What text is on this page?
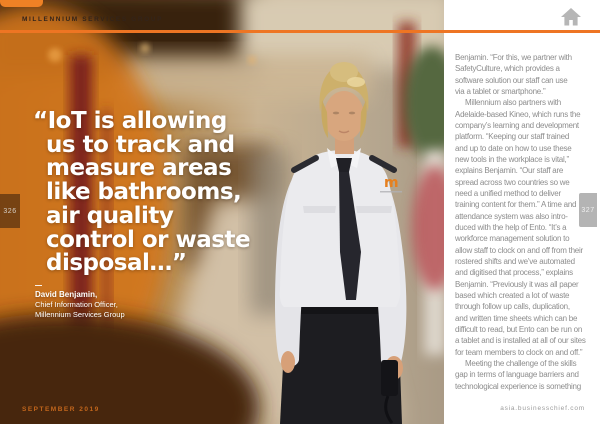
m
MILLENNIUM SERVICES GROUP
“IoT is allowing
us to track and
measure areas
like bathrooms,
air quality
control or waste
disposal…”
David Benjamin,
Chief Information Officer,
Millennium Services Group
326	327
Benjamin. “For this, we partner with
SafetyCulture, which provides a
software solution our staff can use
via a tablet or smartphone.”
Millennium also partners with
Adelaide-based Kineo, which runs the
company’s learning and development
platform. “Keeping our staff trained
and up to date on how to use these
new tools in the workplace is vital,”
explains Benjamin. “Our staff are
spread across two countries so we
need a unified method to deliver
training content for them.” A time and
attendance system was also intro-
duced with the help of Ento. “It’s a
workforce management solution to
allow staff to clock on and off from their
rostered shifts and we’ve automated
and digitised that process,” explains
Benjamin. “Previously it was all paper
based which created a lot of waste
through follow up calls, duplication,
and written time sheets which can be
difficult to read, but Ento can be run on
a tablet and is installed at all of our sites
for team members to clock on and off.”
Meeting the challenge of the skills
gap in terms of language barriers and
technological experience is something
SEPTEMBER 2019	asia.businesschief.com
